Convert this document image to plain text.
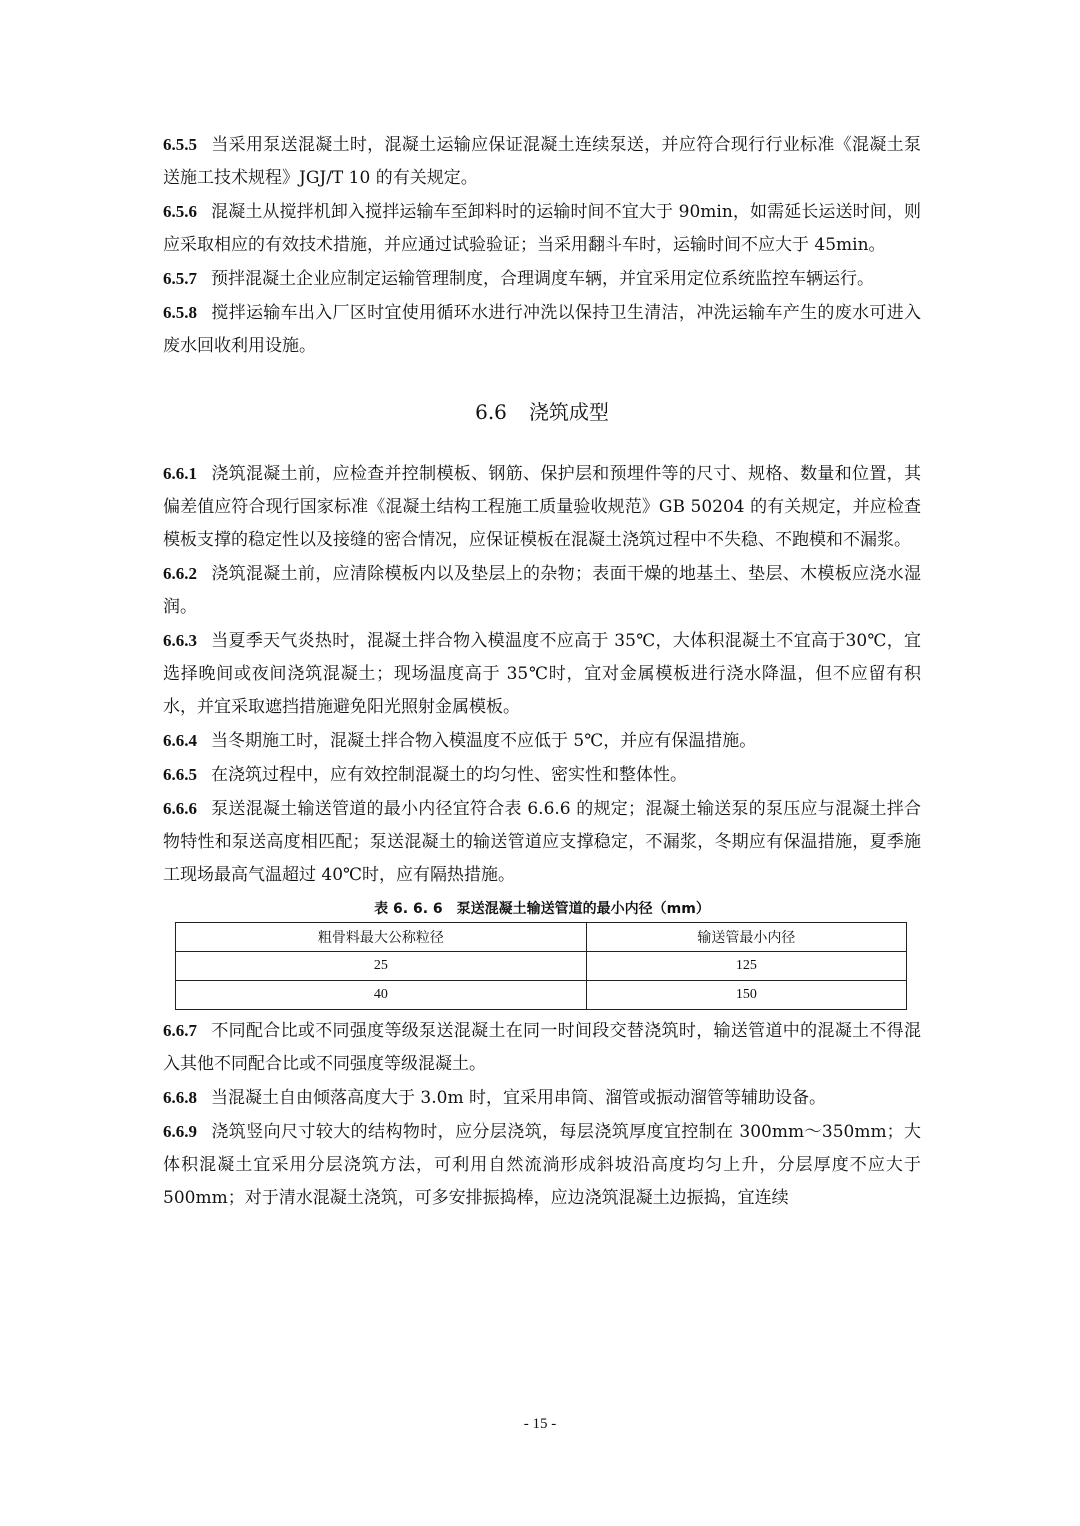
6.5.5 当采用泵送混凝土时，混凝土运输应保证混凝土连续泵送，并应符合现行行业标准《混凝土泵送施工技术规程》JGJ/T 10 的有关规定。

6.5.6 混凝土从搅拌机卸入搅拌运输车至卸料时的运输时间不宜大于 90min，如需延长运送时间，则应采取相应的有效技术措施，并应通过试验验证；当采用翻斗车时，运输时间不应大于 45min。

6.5.7 预拌混凝土企业应制定运输管理制度，合理调度车辆，并宜采用定位系统监控车辆运行。

6.5.8 搅拌运输车出入厂区时宜使用循环水进行冲洗以保持卫生清洁，冲洗运输车产生的废水可进入废水回收利用设施。

6.6 浇筑成型

6.6.1 浇筑混凝土前，应检查并控制模板、钢筋、保护层和预埋件等的尺寸、规格、数量和位置，其偏差值应符合现行国家标准《混凝土结构工程施工质量验收规范》GB 50204 的有关规定，并应检查模板支撑的稳定性以及接缝的密合情况，应保证模板在混凝土浇筑过程中不失稳、不跑模和不漏浆。

6.6.2 浇筑混凝土前，应清除模板内以及垫层上的杂物；表面干燥的地基土、垫层、木模板应浇水湿润。

6.6.3 当夏季天气炎热时，混凝土拌合物入模温度不应高于 35℃，大体积混凝土不宜高于30℃，宜选择晚间或夜间浇筑混凝土；现场温度高于 35℃时，宜对金属模板进行浇水降温，但不应留有积水，并宜采取遮挡措施避免阳光照射金属模板。

6.6.4 当冬期施工时，混凝土拌合物入模温度不应低于 5℃，并应有保温措施。

6.6.5 在浇筑过程中，应有效控制混凝土的均匀性、密实性和整体性。

6.6.6 泵送混凝土输送管道的最小内径宜符合表 6.6.6 的规定；混凝土输送泵的泵压应与混凝土拌合物特性和泵送高度相匹配；泵送混凝土的输送管道应支撑稳定，不漏浆，冬期应有保温措施，夏季施工现场最高气温超过 40℃时，应有隔热措施。

表 6. 6. 6　泵送混凝土输送管道的最小内径（mm）
粗骨料最大公称粒径	输送管最小内径
25	125
40	150

6.6.7 不同配合比或不同强度等级泵送混凝土在同一时间段交替浇筑时，输送管道中的混凝土不得混入其他不同配合比或不同强度等级混凝土。

6.6.8 当混凝土自由倾落高度大于 3.0m 时，宜采用串筒、溜管或振动溜管等辅助设备。

6.6.9 浇筑竖向尺寸较大的结构物时，应分层浇筑，每层浇筑厚度宜控制在 300mm～350mm；大体积混凝土宜采用分层浇筑方法，可利用自然流淌形成斜坡沿高度均匀上升，分层厚度不应大于 500mm；对于清水混凝土浇筑，可多安排振捣棒，应边浇筑混凝土边振捣，宜连续

- 15 -
